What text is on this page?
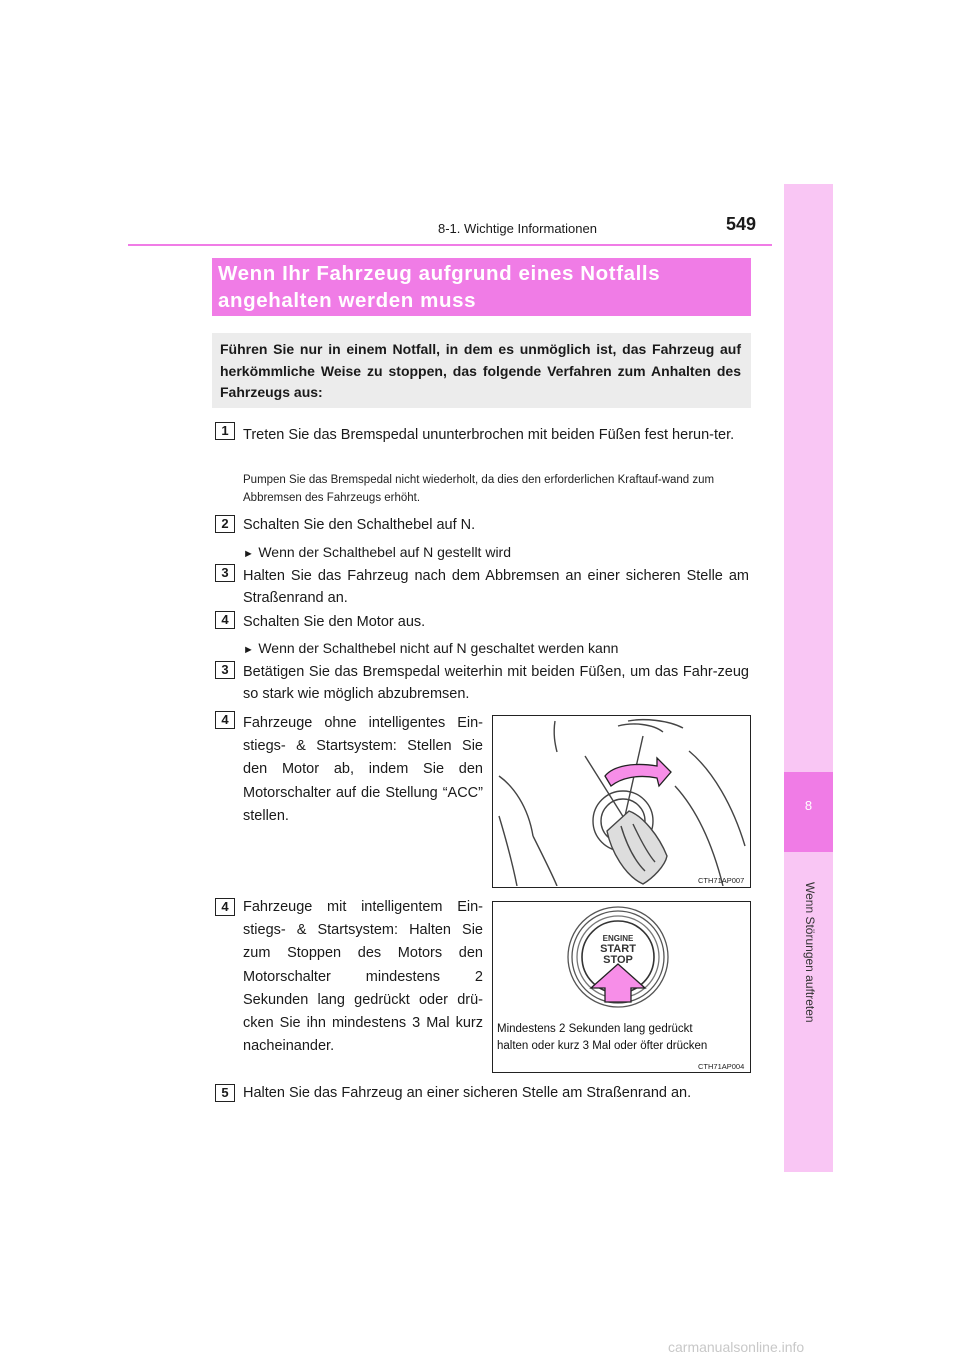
8
Wenn Störungen auftreten
8-1. Wichtige Informationen	549
Wenn Ihr Fahrzeug aufgrund eines Notfalls
angehalten werden muss
Führen Sie nur in einem Notfall, in dem es unmöglich ist, das Fahrzeug auf herkömmliche Weise zu stoppen, das folgende Verfahren zum Anhalten des Fahrzeugs aus:
1 Treten Sie das Bremspedal ununterbrochen mit beiden Füßen fest herun-ter.
Pumpen Sie das Bremspedal nicht wiederholt, da dies den erforderlichen Kraftauf-wand zum Abbremsen des Fahrzeugs erhöht.
2 Schalten Sie den Schalthebel auf N.
► Wenn der Schalthebel auf N gestellt wird
3 Halten Sie das Fahrzeug nach dem Abbremsen an einer sicheren Stelle am Straßenrand an.
4 Schalten Sie den Motor aus.
► Wenn der Schalthebel nicht auf N geschaltet werden kann
3 Betätigen Sie das Bremspedal weiterhin mit beiden Füßen, um das Fahr-zeug so stark wie möglich abzubremsen.
4 Fahrzeuge ohne intelligentes Ein-stiegs- & Startsystem: Stellen Sie den Motor ab, indem Sie den Motorschalter auf die Stellung “ACC” stellen.
CTH71AP007
4 Fahrzeuge mit intelligentem Ein-stiegs- & Startsystem: Halten Sie zum Stoppen des Motors den Motorschalter mindestens 2 Sekunden lang gedrückt oder drü-cken Sie ihn mindestens 3 Mal kurz nacheinander.
ENGINE
START
STOP
Mindestens 2 Sekunden lang gedrückt
halten oder kurz 3 Mal oder öfter drücken
CTH71AP004
5 Halten Sie das Fahrzeug an einer sicheren Stelle am Straßenrand an.
carmanualsonline.info
